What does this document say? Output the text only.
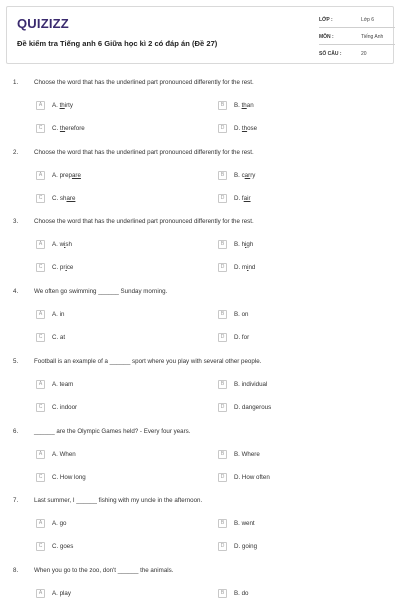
QUIZIZZ
Đề kiểm tra Tiếng anh 6 Giữa học kì 2 có đáp án (Đề 27)
LỚP :	Lớp 6
MÔN :	Tiếng Anh
SỐ CÂU :	20
1.	Choose the word that has the underlined part pronounced differently for the rest.
A	A. thirty	B	B. than
C	C. therefore	D	D. those
2.	Choose the word that has the underlined part pronounced differently for the rest.
A	A. prepare	B	B. carry
C	C. share	D	D. fair
3.	Choose the word that has the underlined part pronounced differently for the rest.
A	A. wish	B	B. high
C	C. price	D	D. mind
4.	We often go swimming ______ Sunday morning.
A	A. in	B	B. on
C	C. at	D	D. for
5.	Football is an example of a ______ sport where you play with several other people.
A	A. team	B	B. individual
C	C. indoor	D	D. dangerous
6.	______ are the Olympic Games held? - Every four years.
A	A. When	B	B. Where
C	C. How long	D	D. How often
7.	Last summer, I ______ fishing with my uncle in the afternoon.
A	A. go	B	B. went
C	C. goes	D	D. going
8.	When you go to the zoo, don't ______ the animals.
A	A. play	B	B. do
